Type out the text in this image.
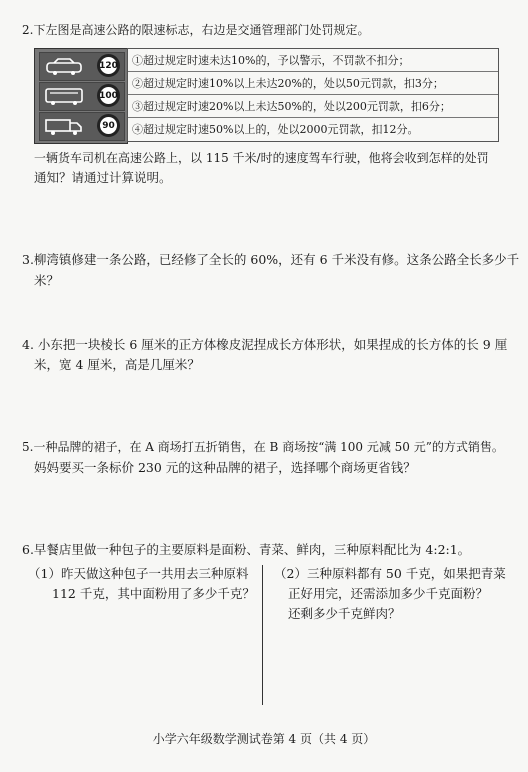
2.下左图是高速公路的限速标志，右边是交通管理部门处罚规定。
120
100
90
①超过规定时速未达10%的，予以警示，不罚款不扣分；
②超过规定时速10%以上未达20%的，处以50元罚款，扣3分；
③超过规定时速20%以上未达50%的，处以200元罚款，扣6分；
④超过规定时速50%以上的，处以2000元罚款，扣12分。
一辆货车司机在高速公路上，以 115 千米/时的速度驾车行驶，他将会收到怎样的处罚
通知？请通过计算说明。
3.柳湾镇修建一条公路，已经修了全长的 60%，还有 6 千米没有修。这条公路全长多少千
米？
4. 小东把一块棱长 6 厘米的正方体橡皮泥捏成长方体形状，如果捏成的长方体的长 9 厘
米，宽 4 厘米，高是几厘米？
5.一种品牌的裙子，在 A 商场打五折销售，在 B 商场按“满 100 元减 50 元”的方式销售。
妈妈要买一条标价 230 元的这种品牌的裙子，选择哪个商场更省钱？
6.早餐店里做一种包子的主要原料是面粉、青菜、鲜肉，三种原料配比为 4:2:1。
（1）昨天做这种包子一共用去三种原料
112 千克，其中面粉用了多少千克？
（2）三种原料都有 50 千克，如果把青菜
正好用完，还需添加多少千克面粉？
还剩多少千克鲜肉？
小学六年级数学测试卷第 4 页（共 4 页）
